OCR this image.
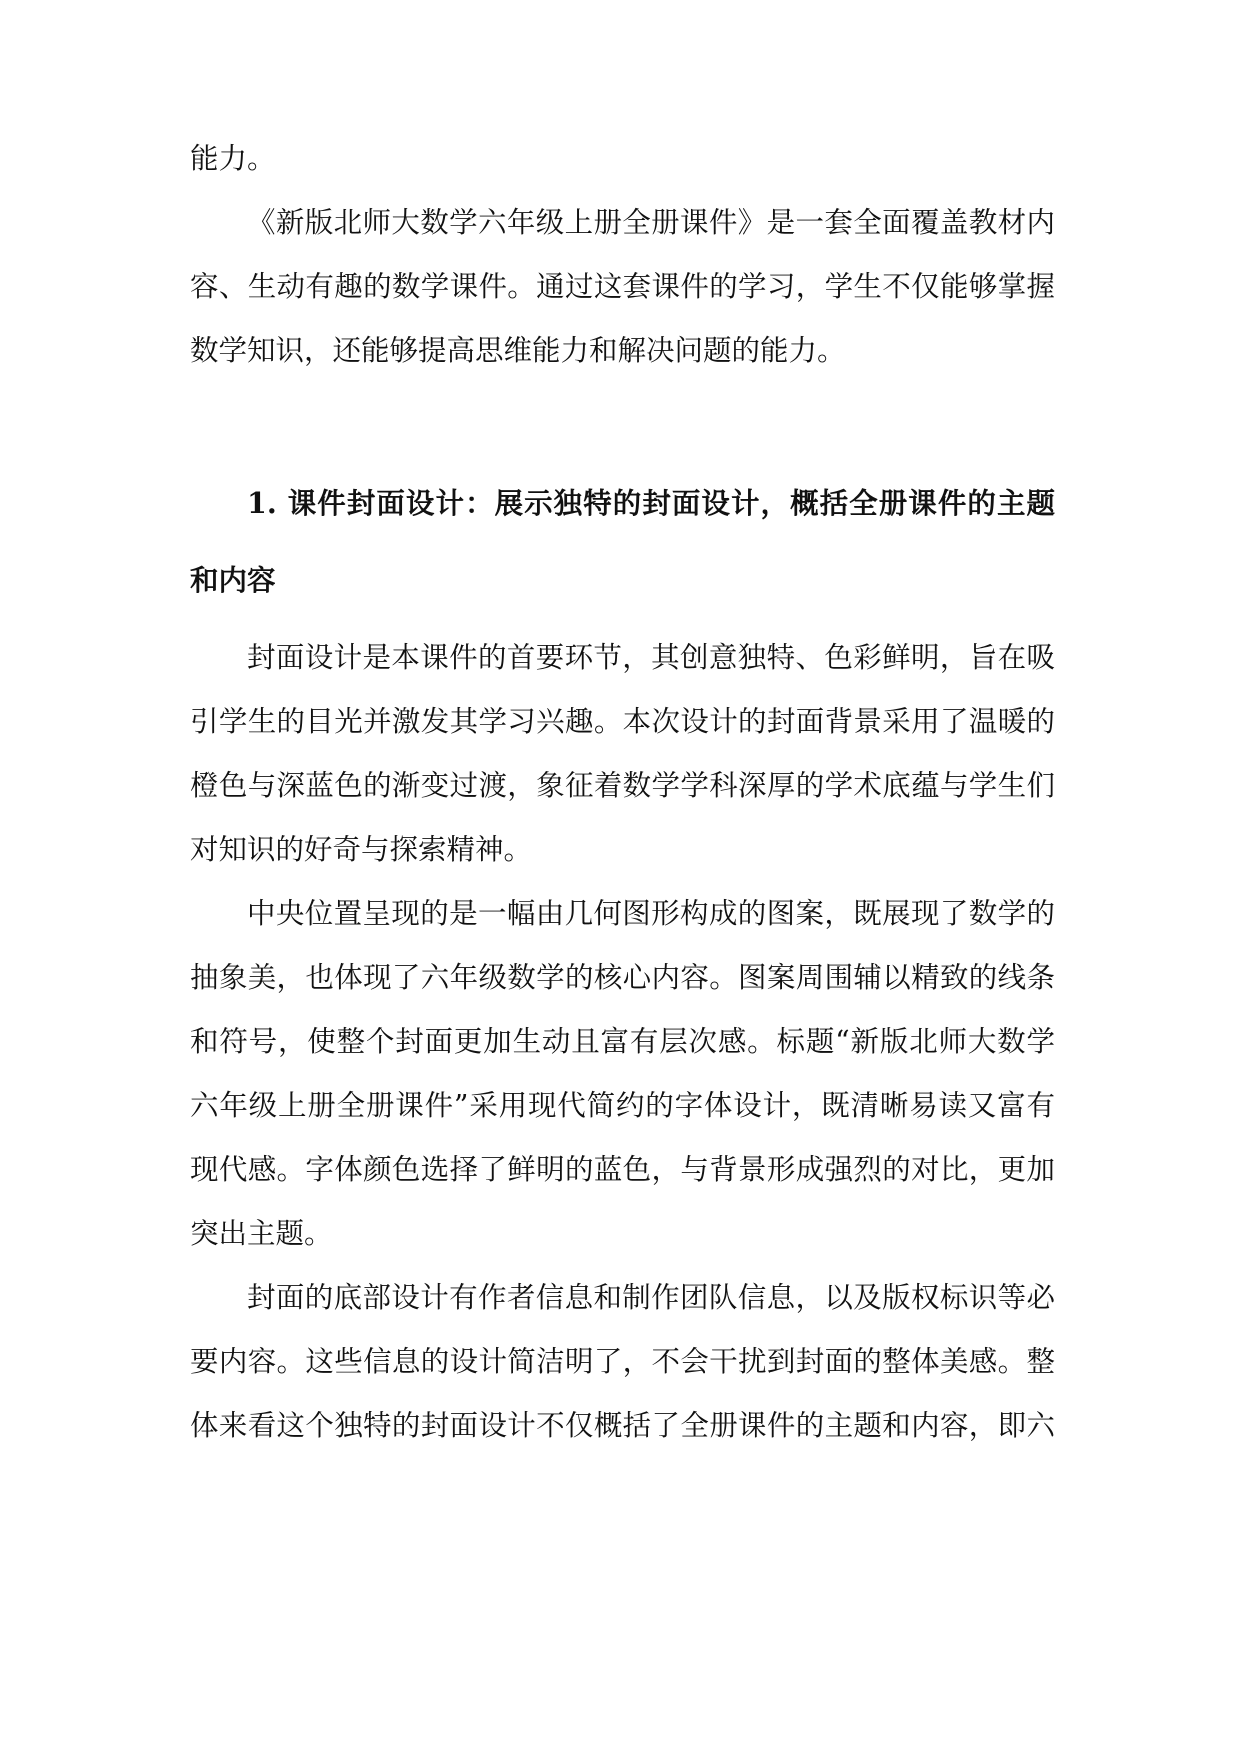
能力。
《新版北师大数学六年级上册全册课件》是一套全面覆盖教材内
容、生动有趣的数学课件。通过这套课件的学习，学生不仅能够掌握
数学知识，还能够提高思维能力和解决问题的能力。
1. 课件封面设计：展示独特的封面设计，概括全册课件的主题
和内容
封面设计是本课件的首要环节，其创意独特、色彩鲜明，旨在吸
引学生的目光并激发其学习兴趣。本次设计的封面背景采用了温暖的
橙色与深蓝色的渐变过渡，象征着数学学科深厚的学术底蕴与学生们
对知识的好奇与探索精神。
中央位置呈现的是一幅由几何图形构成的图案，既展现了数学的
抽象美，也体现了六年级数学的核心内容。图案周围辅以精致的线条
和符号，使整个封面更加生动且富有层次感。标题“新版北师大数学
六年级上册全册课件”采用现代简约的字体设计，既清晰易读又富有
现代感。字体颜色选择了鲜明的蓝色，与背景形成强烈的对比，更加
突出主题。
封面的底部设计有作者信息和制作团队信息，以及版权标识等必
要内容。这些信息的设计简洁明了，不会干扰到封面的整体美感。整
体来看这个独特的封面设计不仅概括了全册课件的主题和内容，即六
